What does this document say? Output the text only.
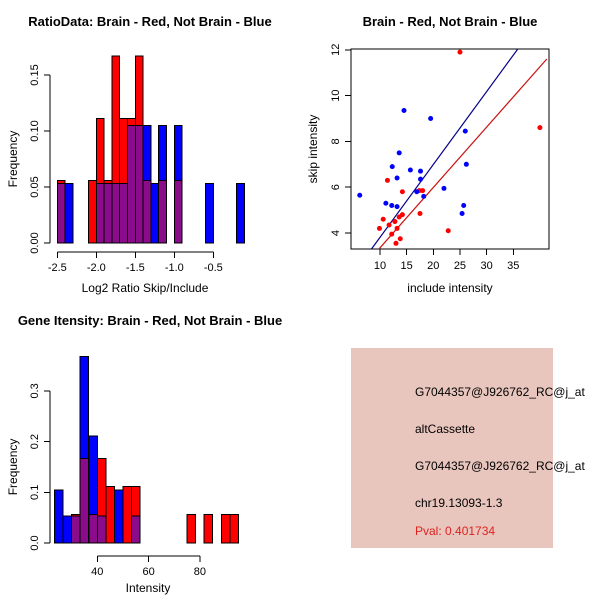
RatioData: Brain - Red, Not Brain - Blue
0.00
0.05
0.10
0.15
-2.5 -2.0 -1.5 -1.0 -0.5
Frequency
Log2 Ratio Skip/Include
Brain - Red, Not Brain - Blue
10 15 20 25 30 35
4
6
8
10
12
skip intensity
include intensity
Gene Itensity: Brain - Red, Not Brain - Blue
0.0
0.1
0.2
0.3
40	60	80
Frequency
Intensity
G7044357@J926762_RC@j_at
altCassette
G7044357@J926762_RC@j_at
chr19.13093-1.3
Pval: 0.401734
